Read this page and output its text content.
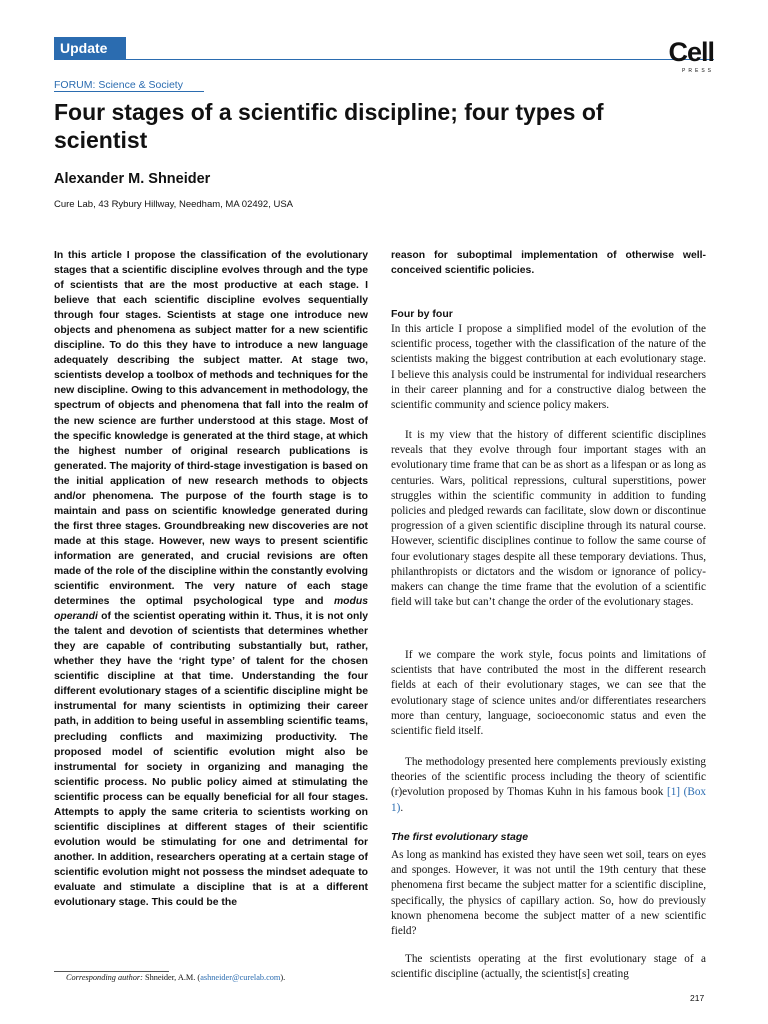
Update	Cell
PRESS
FORUM: Science & Society
Four stages of a scientific discipline; four types of scientist

Alexander M. Shneider

Cure Lab, 43 Rybury Hillway, Needham, MA 02492, USA

In this article I propose the classification of the evolutionary stages that a scientific discipline evolves through and the type of scientists that are the most productive at each stage. I believe that each scientific discipline evolves sequentially through four stages. Scientists at stage one introduce new objects and phenomena as subject matter for a new scientific discipline. To do this they have to introduce a new language adequately describing the subject matter. At stage two, scientists develop a toolbox of methods and techniques for the new discipline. Owing to this advancement in methodology, the spectrum of objects and phenomena that fall into the realm of the new science are further understood at this stage. Most of the specific knowledge is generated at the third stage, at which the highest number of original research publications is generated. The majority of third-stage investigation is based on the initial application of new research methods to objects and/or phenomena. The purpose of the fourth stage is to maintain and pass on scientific knowledge generated during the first three stages. Groundbreaking new discoveries are not made at this stage. However, new ways to present scientific information are generated, and crucial revisions are often made of the role of the discipline within the constantly evolving scientific environment. The very nature of each stage determines the optimal psychological type and modus operandi of the scientist operating within it. Thus, it is not only the talent and devotion of scientists that determines whether they are capable of contributing substantially but, rather, whether they have the ‘right type’ of talent for the chosen scientific discipline at that time. Understanding the four different evolutionary stages of a scientific discipline might be instrumental for many scientists in optimizing their career path, in addition to being useful in assembling scientific teams, precluding conflicts and maximizing productivity. The proposed model of scientific evolution might also be instrumental for society in organizing and managing the scientific process. No public policy aimed at stimulating the scientific process can be equally beneficial for all four stages. Attempts to apply the same criteria to scientists working on scientific disciplines at different stages of their scientific evolution would be stimulating for one and detrimental for another. In addition, researchers operating at a certain stage of scientific evolution might not possess the mindset adequate to evaluate and stimulate a discipline that is at a different evolutionary stage. This could be the

reason for suboptimal implementation of otherwise well-conceived scientific policies.

Four by four

In this article I propose a simplified model of the evolution of the scientific process, together with the classification of the nature of the scientists making the biggest contribution at each evolutionary stage. I believe this analysis could be instrumental for individual researchers in their career planning and for a constructive dialog between the scientific community and science policy makers.

It is my view that the history of different scientific disciplines reveals that they evolve through four important stages with an evolutionary time frame that can be as short as a lifespan or as long as centuries. Wars, political repressions, cultural superstitions, power struggles within the scientific community in addition to funding policies and pledged rewards can facilitate, slow down or discontinue progression of a given scientific discipline through its natural course. However, scientific disciplines continue to follow the same course of four evolutionary stages despite all these temporary deviations. Thus, philanthropists or dictators and the wisdom or ignorance of policy-makers can change the time frame that the evolution of a scientific field will take but can’t change the order of the evolutionary stages.

If we compare the work style, focus points and limitations of scientists that have contributed the most in the different research fields at each of their evolutionary stages, we can see that the evolutionary stage of science unites and/or differentiates researchers more than century, language, socioeconomic status and even the scientific field itself.

The methodology presented here complements previously existing theories of the scientific process including the theory of scientific (r)evolution proposed by Thomas Kuhn in his famous book [1] (Box 1).

The first evolutionary stage

As long as mankind has existed they have seen wet soil, tears on eyes and sponges. However, it was not until the 19th century that these phenomena first became the subject matter for a scientific discipline, specifically, the physics of capillary action. So, how do previously known phenomena become the subject matter of a new scientific field?

The scientists operating at the first evolutionary stage of a scientific discipline (actually, the scientist[s] creating

Corresponding author: Shneider, A.M. (ashneider@curelab.com).

217
